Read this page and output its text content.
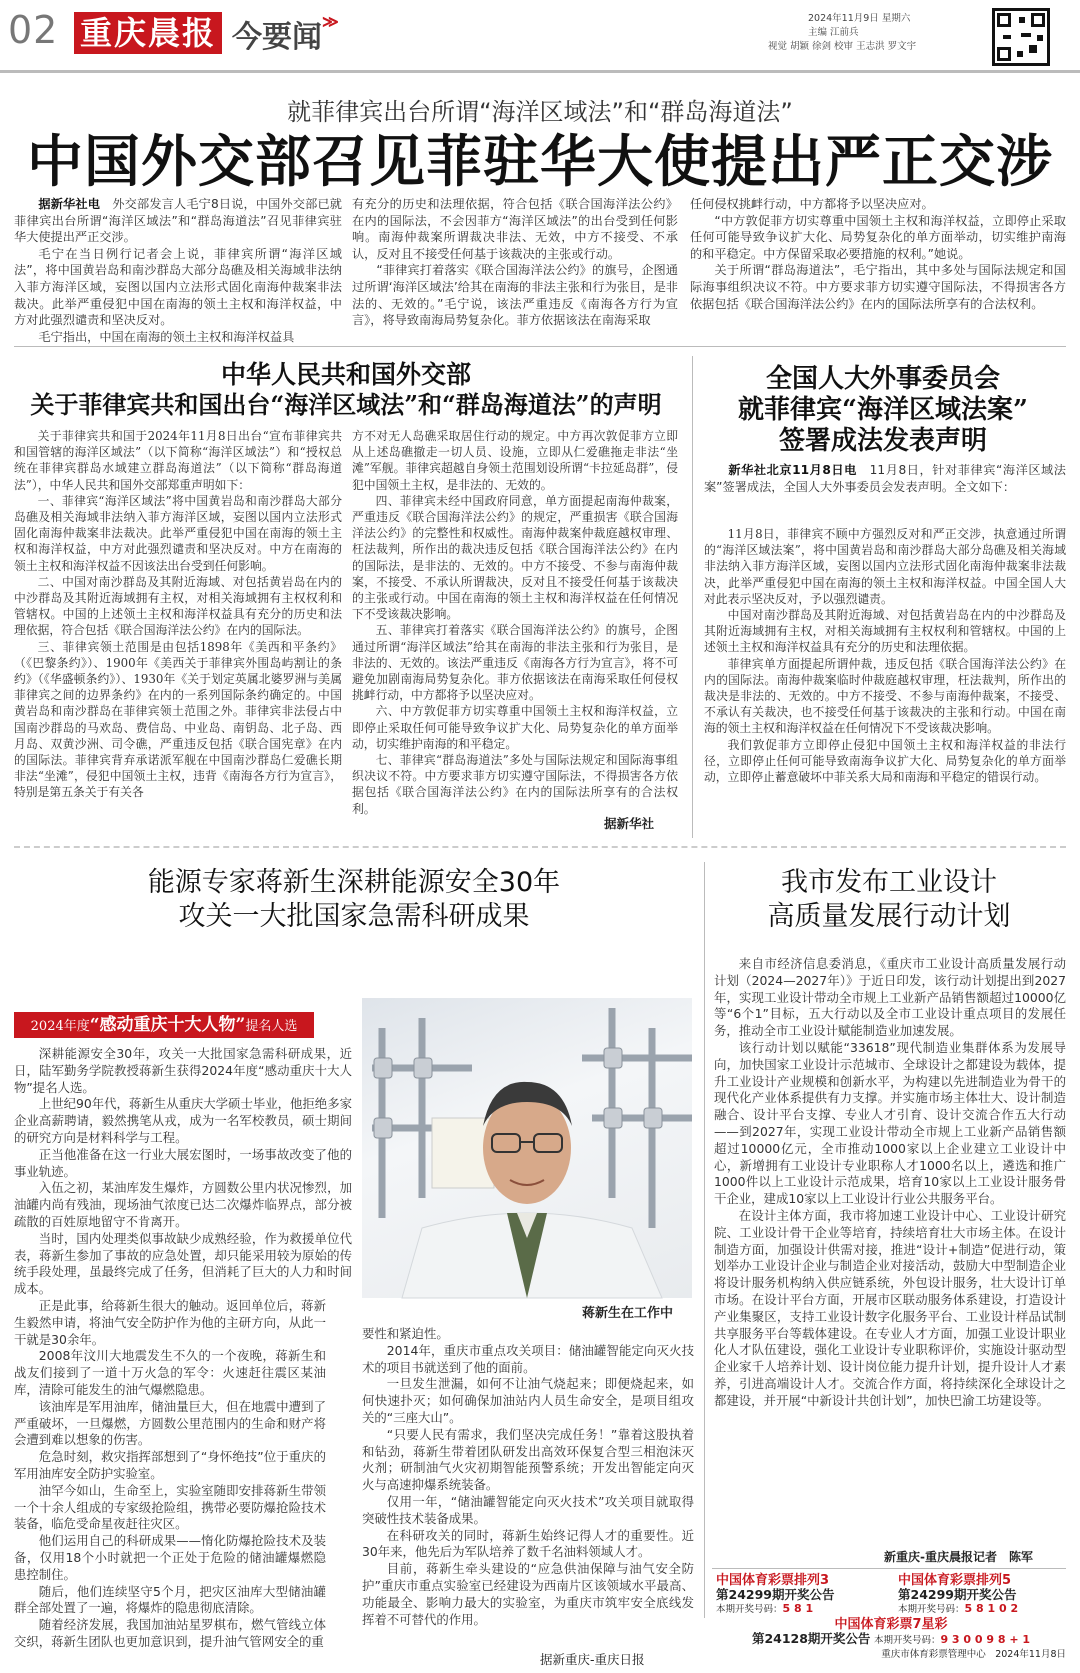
02 重庆晨报 今要闻≫	2024年11月9日 星期六
主编 江前兵
视觉 胡颖 徐剑 校审 王志洪 罗文宇
就菲律宾出台所谓“海洋区域法”和“群岛海道法”
中国外交部召见菲驻华大使提出严正交涉

据新华社电　 外交部发言人毛宁8日说，中国外交部已就菲律宾出台所谓“海洋区域法”和“群岛海道法”召见菲律宾驻华大使提出严正交涉。

毛宁在当日例行记者会上说，菲律宾所谓“海洋区域法”，将中国黄岩岛和南沙群岛大部分岛礁及相关海域非法纳入菲方海洋区域，妄图以国内立法形式固化南海仲裁案非法裁决。此举严重侵犯中国在南海的领土主权和海洋权益，中方对此强烈谴责和坚决反对。

毛宁指出，中国在南海的领土主权和海洋权益具

有充分的历史和法理依据，符合包括《联合国海洋法公约》在内的国际法，不会因菲方“海洋区域法”的出台受到任何影响。南海仲裁案所谓裁决非法、无效，中方不接受、不承认，反对且不接受任何基于该裁决的主张或行动。

“菲律宾打着落实《联合国海洋法公约》的旗号，企图通过所谓‘海洋区域法’给其在南海的非法主张和行为张目，是非法的、无效的。”毛宁说，该法严重违反《南海各方行为宣言》，将导致南海局势复杂化。菲方依据该法在南海采取

任何侵权挑衅行动，中方都将予以坚决应对。

“中方敦促菲方切实尊重中国领土主权和海洋权益，立即停止采取任何可能导致争议扩大化、局势复杂化的单方面举动，切实维护南海的和平稳定。中方保留采取必要措施的权利。”她说。

关于所谓“群岛海道法”，毛宁指出，其中多处与国际法规定和国际海事组织决议不符。中方要求菲方切实遵守国际法，不得损害各方依据包括《联合国海洋法公约》在内的国际法所享有的合法权利。

中华人民共和国外交部
关于菲律宾共和国出台“海洋区域法”和“群岛海道法”的声明

关于菲律宾共和国于2024年11月8日出台“宣布菲律宾共和国管辖的海洋区域法”（以下简称“海洋区域法”）和“授权总统在菲律宾群岛水域建立群岛海道法”（以下简称“群岛海道法”），中华人民共和国外交部郑重声明如下：

一、菲律宾“海洋区域法”将中国黄岩岛和南沙群岛大部分岛礁及相关海域非法纳入菲方海洋区域，妄图以国内立法形式固化南海仲裁案非法裁决。此举严重侵犯中国在南海的领土主权和海洋权益，中方对此强烈谴责和坚决反对。中方在南海的领土主权和海洋权益不因该法出台受到任何影响。

二、中国对南沙群岛及其附近海域、对包括黄岩岛在内的中沙群岛及其附近海域拥有主权，对相关海域拥有主权权利和管辖权。中国的上述领土主权和海洋权益具有充分的历史和法理依据，符合包括《联合国海洋法公约》在内的国际法。

三、菲律宾领土范围是由包括1898年《美西和平条约》（《巴黎条约》）、1900年《美西关于菲律宾外围岛屿割让的条约》（《华盛顿条约》）、1930年《关于划定英属北婆罗洲与美属菲律宾之间的边界条约》在内的一系列国际条约确定的。中国黄岩岛和南沙群岛在菲律宾领土范围之外。菲律宾非法侵占中国南沙群岛的马欢岛、费信岛、中业岛、南钥岛、北子岛、西月岛、双黄沙洲、司令礁，严重违反包括《联合国宪章》在内的国际法。菲律宾背弃承诺派军舰在中国南沙群岛仁爱礁长期非法“坐滩”，侵犯中国领土主权，违背《南海各方行为宣言》，特别是第五条关于有关各

方不对无人岛礁采取居住行动的规定。中方再次敦促菲方立即从上述岛礁撤走一切人员、设施，立即从仁爱礁拖走非法“坐滩”军舰。菲律宾超越自身领土范围划设所谓“卡拉延岛群”，侵犯中国领土主权，是非法的、无效的。

四、菲律宾未经中国政府同意，单方面提起南海仲裁案，严重违反《联合国海洋法公约》的规定，严重损害《联合国海洋法公约》的完整性和权威性。南海仲裁案仲裁庭越权审理、枉法裁判，所作出的裁决违反包括《联合国海洋法公约》在内的国际法，是非法的、无效的。中方不接受、不参与南海仲裁案，不接受、不承认所谓裁决，反对且不接受任何基于该裁决的主张或行动。中国在南海的领土主权和海洋权益在任何情况下不受该裁决影响。

五、菲律宾打着落实《联合国海洋法公约》的旗号，企图通过所谓“海洋区域法”给其在南海的非法主张和行为张目，是非法的、无效的。该法严重违反《南海各方行为宣言》，将不可避免加剧南海局势复杂化。菲方依据该法在南海采取任何侵权挑衅行动，中方都将予以坚决应对。

六、中方敦促菲方切实尊重中国领土主权和海洋权益，立即停止采取任何可能导致争议扩大化、局势复杂化的单方面举动，切实维护南海的和平稳定。

七、菲律宾“群岛海道法”多处与国际法规定和国际海事组织决议不符。中方要求菲方切实遵守国际法，不得损害各方依据包括《联合国海洋法公约》在内的国际法所享有的合法权利。

据新华社
全国人大外事委员会
就菲律宾“海洋区域法案”
签署成法发表声明

新华社北京11月8日电　 11月8日，针对菲律宾“海洋区域法案”签署成法，全国人大外事委员会发表声明。全文如下：

11月8日，菲律宾不顾中方强烈反对和严正交涉，执意通过所谓的“海洋区域法案”，将中国黄岩岛和南沙群岛大部分岛礁及相关海域非法纳入菲方海洋区域，妄图以国内立法形式固化南海仲裁案非法裁决，此举严重侵犯中国在南海的领土主权和海洋权益。中国全国人大对此表示坚决反对，予以强烈谴责。

中国对南沙群岛及其附近海域、对包括黄岩岛在内的中沙群岛及其附近海域拥有主权，对相关海域拥有主权权利和管辖权。中国的上述领土主权和海洋权益具有充分的历史和法理依据。

菲律宾单方面提起所谓仲裁，违反包括《联合国海洋法公约》在内的国际法。南海仲裁案临时仲裁庭越权审理，枉法裁判，所作出的裁决是非法的、无效的。中方不接受、不参与南海仲裁案，不接受、不承认有关裁决，也不接受任何基于该裁决的主张和行动。中国在南海的领土主权和海洋权益在任何情况下不受该裁决影响。

我们敦促菲方立即停止侵犯中国领土主权和海洋权益的非法行径，立即停止任何可能导致南海争议扩大化、局势复杂化的单方面举动，立即停止蓄意破坏中菲关系大局和南海和平稳定的错误行动。

能源专家蒋新生深耕能源安全30年
攻关一大批国家急需科研成果
2024年度“感动重庆十大人物”提名人选
蒋新生在工作中

深耕能源安全30年，攻关一大批国家急需科研成果，近日，陆军勤务学院教授蒋新生获得2024年度“感动重庆十大人物”提名人选。

上世纪90年代，蒋新生从重庆大学硕士毕业，他拒绝多家企业高薪聘请，毅然携笔从戎，成为一名军校教员，硕士期间的研究方向是材料科学与工程。

正当他准备在这一行业大展宏图时，一场事故改变了他的事业轨迹。

入伍之初，某油库发生爆炸，方圆数公里内状况惨烈，加油罐内尚有残油，现场油气浓度已达二次爆炸临界点，部分被疏散的百姓原地留守不肯离开。

当时，国内处理类似事故缺少成熟经验，作为救援单位代表，蒋新生参加了事故的应急处置，却只能采用较为原始的传统手段处理，虽最终完成了任务，但消耗了巨大的人力和时间成本。

正是此事，给蒋新生很大的触动。返回单位后，蒋新生毅然申请，将油气安全防护作为他的主研方向，从此一干就是30余年。

2008年汶川大地震发生不久的一个夜晚，蒋新生和战友们接到了一道十万火急的军令：火速赶往震区某油库，清除可能发生的油气爆燃隐患。

该油库是军用油库，储油量巨大，但在地震中遭到了严重破坏，一旦爆燃，方圆数公里范围内的生命和财产将会遭到难以想象的伤害。

危急时刻，救灾指挥部想到了“身怀绝技”位于重庆的军用油库安全防护实验室。

油罕今如山，生命至上，实验室随即安排蒋新生带领一个十余人组成的专家级抢险组，携带必要防爆抢险技术装备，临危受命星夜赶往灾区。

他们运用自己的科研成果——惰化防爆抢险技术及装备，仅用18个小时就把一个正处于危险的储油罐爆燃隐患控制住。

随后，他们连续坚守5个月，把灾区油库大型储油罐群全部处置了一遍，将爆炸的隐患彻底清除。

随着经济发展，我国加油站星罗棋布，燃气管线立体交织，蒋新生团队也更加意识到，提升油气管网安全的重

要性和紧迫性。

2014年，重庆市重点攻关项目：储油罐智能定向灭火技术的项目书就送到了他的面前。

一旦发生泄漏，如何不让油气烧起来；即便烧起来，如何快速扑灭；如何确保加油站内人员生命安全，是项目组攻关的“三座大山”。

“只要人民有需求，我们坚决完成任务！”靠着这股执着和钻劲，蒋新生带着团队研发出高效环保复合型三相泡沫灭火剂；研制油气火灾初期智能预警系统；开发出智能定向灭火与高速抑爆系统装备。

仅用一年，“储油罐智能定向灭火技术”攻关项目就取得突破性技术装备成果。

在科研攻关的同时，蒋新生始终记得人才的重要性。近30年来，他先后为军队培养了数千名油料领域人才。

目前，蒋新生牵头建设的“应急供油保障与油气安全防护”重庆市重点实验室已经建设为西南片区该领域水平最高、功能最全、影响力最大的实验室，为重庆市筑牢安全底线发挥着不可替代的作用。

据新重庆-重庆日报
我市发布工业设计
高质量发展行动计划

来自市经济信息委消息，《重庆市工业设计高质量发展行动计划（2024—2027年）》于近日印发，该行动计划提出到2027年，实现工业设计带动全市规上工业新产品销售额超过10000亿等“6个1”目标，五大行动以及全市工业设计重点项目的发展任务，推动全市工业设计赋能制造业加速发展。

该行动计划以赋能“33618”现代制造业集群体系为发展导向，加快国家工业设计示范城市、全球设计之都建设为载体，提升工业设计产业规模和创新水平，为构建以先进制造业为骨干的现代化产业体系提供有力支撑。并实施市场主体壮大、设计制造融合、设计平台支撑、专业人才引育、设计交流合作五大行动——到2027年，实现工业设计带动全市规上工业新产品销售额超过10000亿元，全市推动1000家以上企业建立工业设计中心，新增拥有工业设计专业职称人才1000名以上，遴选和推广1000件以上工业设计示范成果，培育10家以上工业设计服务骨干企业，建成10家以上工业设计行业公共服务平台。

在设计主体方面，我市将加速工业设计中心、工业设计研究院、工业设计骨干企业等培育，持续培育壮大市场主体。在设计制造方面，加强设计供需对接，推进“设计+制造”促进行动，策划举办工业设计企业与制造企业对接活动，鼓励大中型制造企业将设计服务机构纳入供应链系统，外包设计服务，壮大设计订单市场。在设计平台方面，开展市区联动服务体系建设，打造设计产业集聚区，支持工业设计数字化服务平台、工业设计样品试制共享服务平台等载体建设。在专业人才方面，加强工业设计职业化人才队伍建设，强化工业设计专业职称评价，实施设计驱动型企业家千人培养计划、设计岗位能力提升计划，提升设计人才素养，引进高端设计人才。交流合作方面，将持续深化全球设计之都建设，并开展“中新设计共创计划”，加快巴渝工坊建设等。

新重庆-重庆晨报记者　陈军
中国体育彩票排列3
第24299期开奖公告
本期开奖号码：5 8 1
中国体育彩票排列5
第24299期开奖公告
本期开奖号码：5 8 1 0 2
中国体育彩票7星彩
第24128期开奖公告 本期开奖号码：9 3 0 0 9 8 + 1
重庆市体育彩票管理中心　2024年11月8日
